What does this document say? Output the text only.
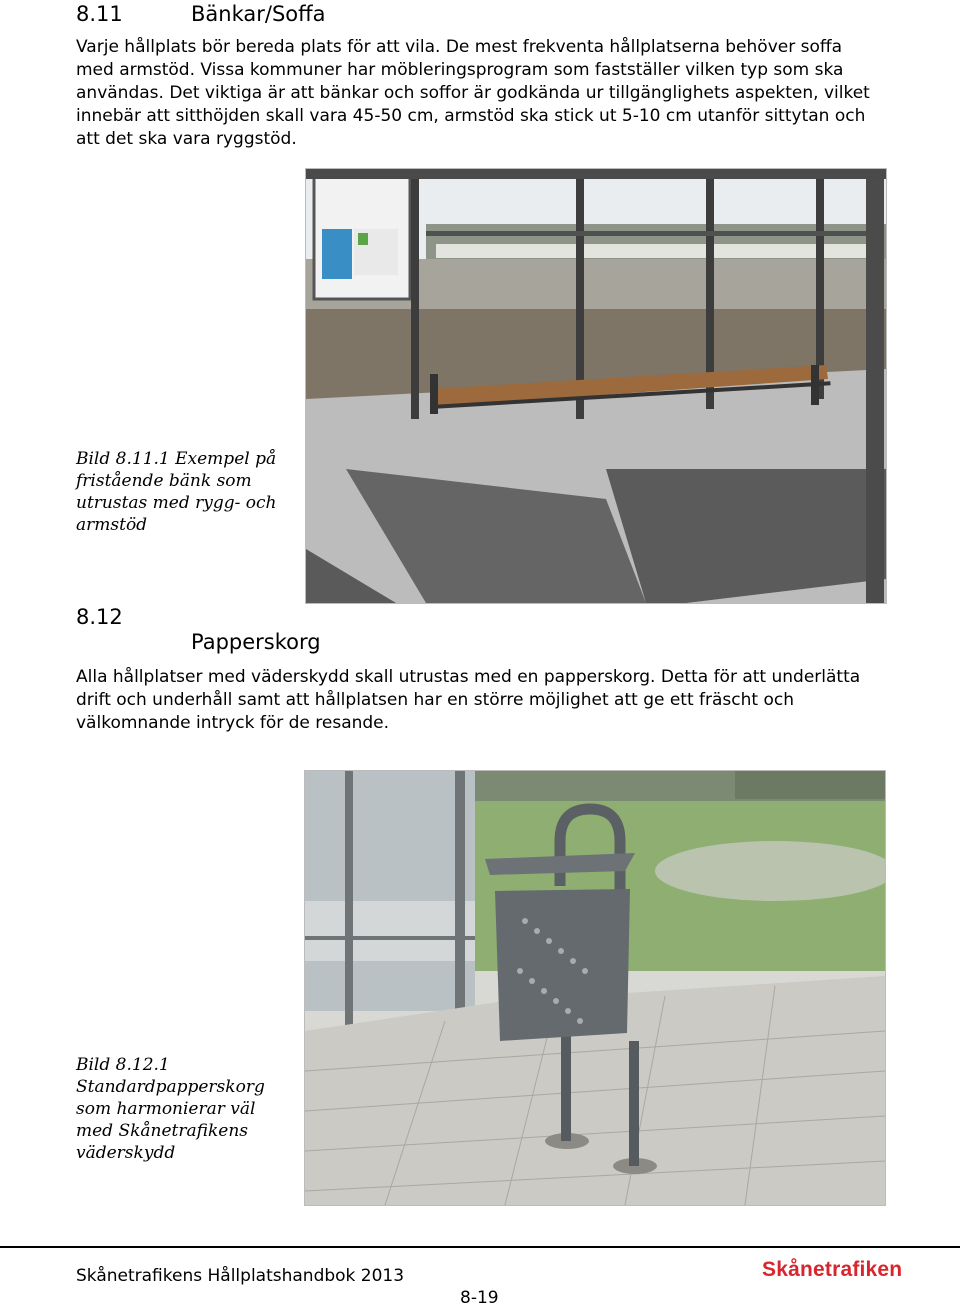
8.11	Bänkar/Soffa
Varje hållplats bör bereda plats för att vila. De mest frekventa hållplatserna behöver soffa
med armstöd. Vissa kommuner har möbleringsprogram som fastställer vilken typ som ska
användas. Det viktiga är att bänkar och soffor är godkända ur tillgänglighets aspekten, vilket
innebär att sitthöjden skall vara 45-50 cm, armstöd ska stick ut 5-10 cm utanför sittytan och
att det ska vara ryggstöd.
Bild 8.11.1 Exempel på
fristående bänk som
utrustas med rygg- och
armstöd
8.12
Papperskorg
Alla hållplatser med väderskydd skall utrustas med en papperskorg. Detta för att underlätta
drift och underhåll samt att hållplatsen har en större möjlighet att ge ett fräscht och
välkomnande intryck för de resande.
Bild 8.12.1
Standardpapperskorg
som harmonierar väl
med Skånetrafikens
väderskydd
Skånetrafikens Hållplatshandbok 2013
8-19
Skånetrafiken
